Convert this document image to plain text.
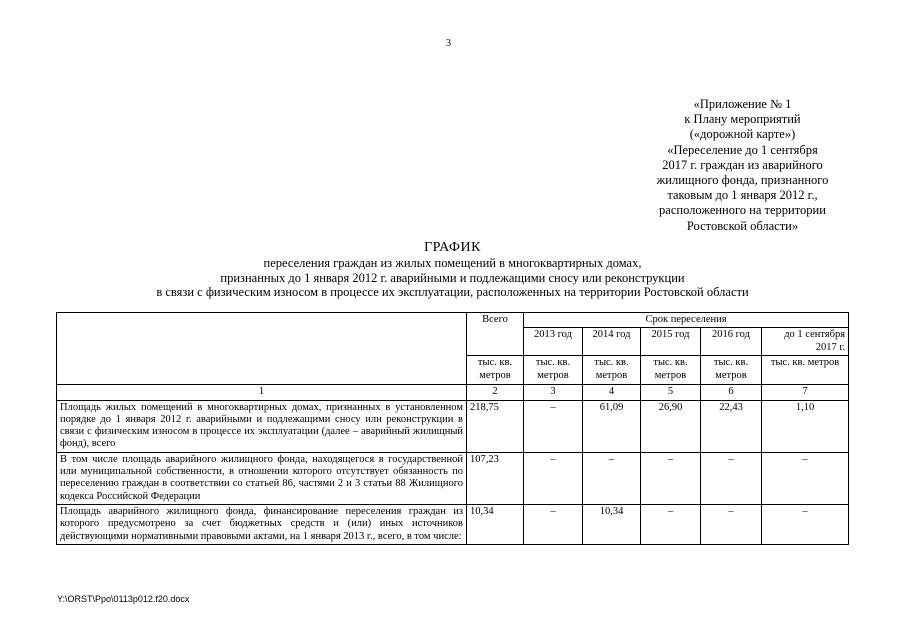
3
«Приложение № 1
к Плану мероприятий
(«дорожной карте»)
«Переселение до 1 сентября
2017 г. граждан из аварийного
жилищного фонда, признанного
таковым до 1 января 2012 г.,
расположенного на территории
Ростовской области»
ГРАФИК
переселения граждан из жилых помещений в многоквартирных домах,
признанных до 1 января 2012 г. аварийными и подлежащими сносу или реконструкции
в связи с физическим износом в процессе их эксплуатации, расположенных на территории Ростовской области
	Всего	Срок переселения				
		2013 год	2014 год	2015 год	2016 год	до 1 сентября 2017 г.
	тыс. кв. метров	тыс. кв. метров	тыс. кв. метров	тыс. кв. метров	тыс. кв. метров	тыс. кв. метров
1	2	3	4	5	6	7
Площадь жилых помещений в многоквартирных домах, признанных в установленном порядке до 1 января 2012 г. аварийными и подлежащими сносу или реконструкции в связи с физическим износом в процессе их эксплуатации (далее – аварийный жилищный фонд), всего	218,75	–	61,09	26,90	22,43	1,10
В том числе площадь аварийного жилищного фонда, находящегося в государственной или муниципальной собственности, в отношении которого отсутствует обязанность по переселению граждан в соответствии со статьей 86, частями 2 и 3 статьи 88 Жилищного кодекса Российской Федерации	107,23	–	–	–	–	–
Площадь аварийного жилищного фонда, финансирование переселения граждан из которого предусмотрено за счет бюджетных средств и (или) иных источников действующими нормативными правовыми актами, на 1 января 2013 г., всего, в том числе:	10,34	–	10,34	–	–	–
Y:\ORST\Ppo\0113p012.f20.docx
